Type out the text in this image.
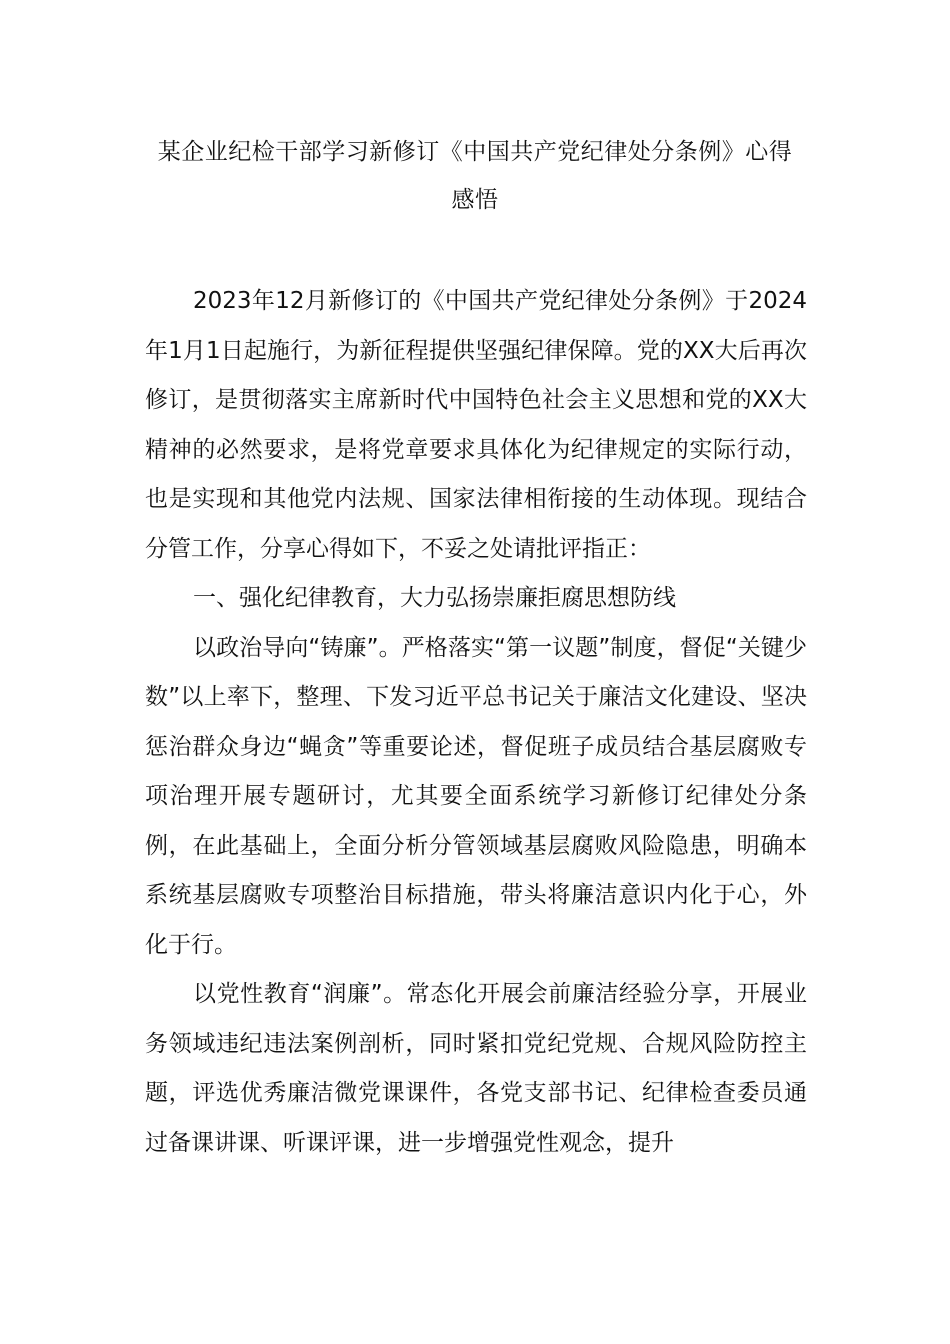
某企业纪检干部学习新修订《中国共产党纪律处分条例》心得
感悟

2023年12月新修订的《中国共产党纪律处分条例》于2024年1月1日起施行，为新征程提供坚强纪律保障。党的XX大后再次修订，是贯彻落实主席新时代中国特色社会主义思想和党的XX大精神的必然要求，是将党章要求具体化为纪律规定的实际行动，也是实现和其他党内法规、国家法律相衔接的生动体现。现结合分管工作，分享心得如下，不妥之处请批评指正：

一、强化纪律教育，大力弘扬崇廉拒腐思想防线

以政治导向“铸廉”。严格落实“第一议题”制度，督促“关键少数”以上率下，整理、下发习近平总书记关于廉洁文化建设、坚决惩治群众身边“蝇贪”等重要论述，督促班子成员结合基层腐败专项治理开展专题研讨，尤其要全面系统学习新修订纪律处分条例，在此基础上，全面分析分管领域基层腐败风险隐患，明确本系统基层腐败专项整治目标措施，带头将廉洁意识内化于心，外化于行。

以党性教育“润廉”。常态化开展会前廉洁经验分享，开展业务领域违纪违法案例剖析，同时紧扣党纪党规、合规风险防控主题，评选优秀廉洁微党课课件，各党支部书记、纪律检查委员通过备课讲课、听课评课，进一步增强党性观念，提升
